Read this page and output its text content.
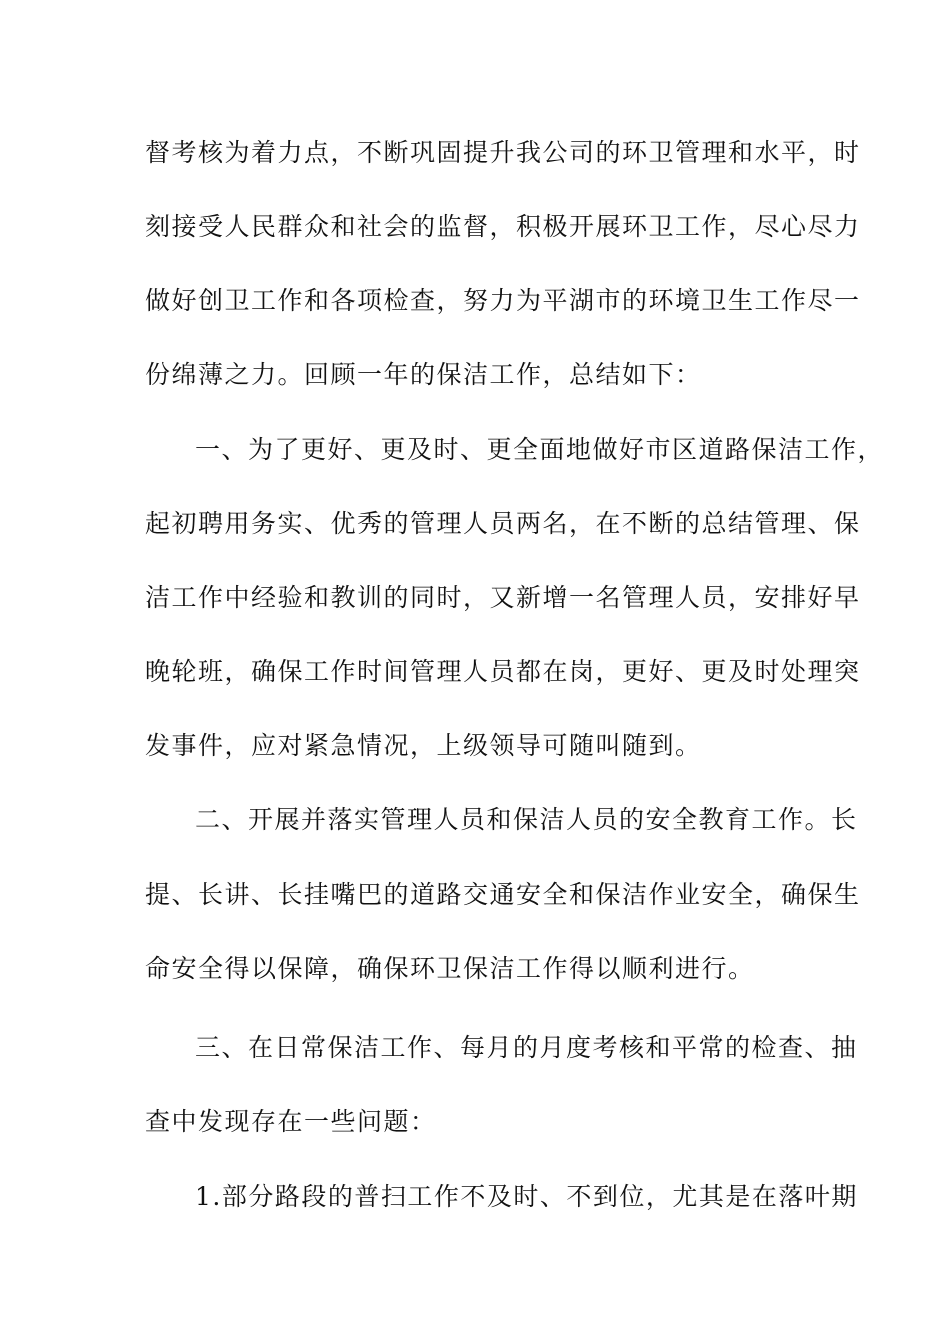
督考核为着力点，不断巩固提升我公司的环卫管理和水平，时
刻接受人民群众和社会的监督，积极开展环卫工作，尽心尽力
做好创卫工作和各项检查，努力为平湖市的环境卫生工作尽一
份绵薄之力。回顾一年的保洁工作，总结如下：
一、为了更好、更及时、更全面地做好市区道路保洁工作，
起初聘用务实、优秀的管理人员两名，在不断的总结管理、保
洁工作中经验和教训的同时，又新增一名管理人员，安排好早
晚轮班，确保工作时间管理人员都在岗，更好、更及时处理突
发事件，应对紧急情况，上级领导可随叫随到。
二、开展并落实管理人员和保洁人员的安全教育工作。长
提、长讲、长挂嘴巴的道路交通安全和保洁作业安全，确保生
命安全得以保障，确保环卫保洁工作得以顺利进行。
三、在日常保洁工作、每月的月度考核和平常的检查、抽
查中发现存在一些问题：
1.部分路段的普扫工作不及时、不到位，尤其是在落叶期
